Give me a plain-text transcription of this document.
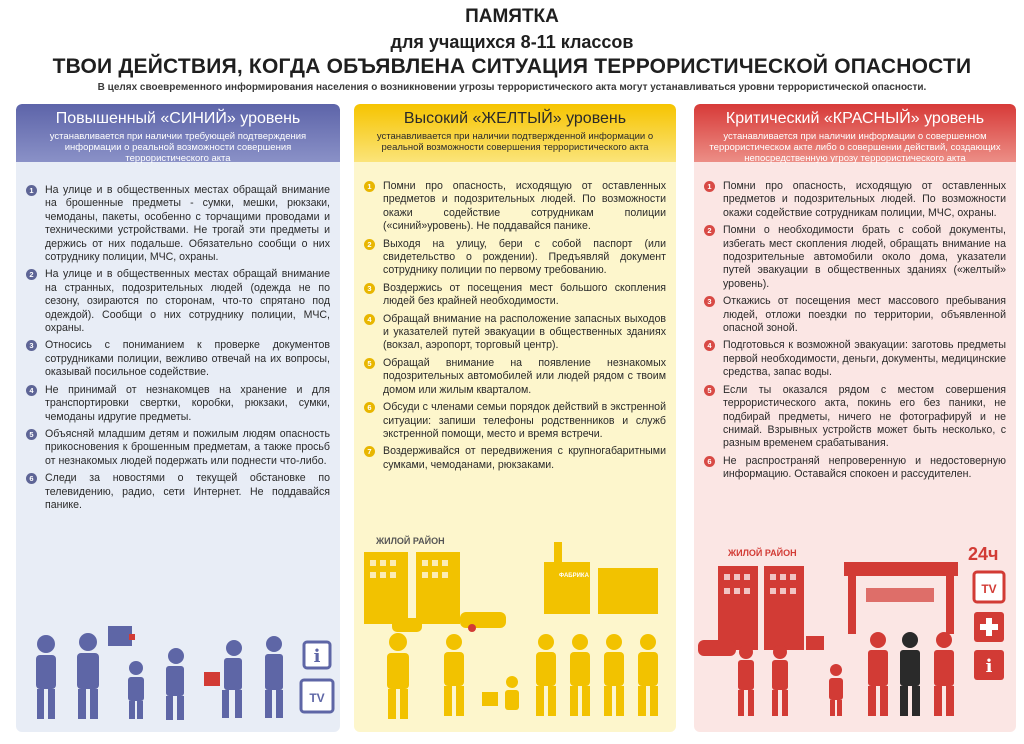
ПАМЯТКА
для учащихся 8-11 классов
ТВОИ ДЕЙСТВИЯ, КОГДА ОБЪЯВЛЕНА СИТУАЦИЯ ТЕРРОРИСТИЧЕСКОЙ ОПАСНОСТИ
В целях своевременного информирования населения о возникновении угрозы террористического акта могут устанавливаться уровни террористической опасности.
Повышенный «СИНИЙ» уровень
устанавливается при наличии требующей подтверждения информации о реальной возможности совершения террористического акта
1	На улице и в общественных местах обращай внимание на брошенные предметы - сумки, мешки, рюкзаки, чемоданы, пакеты, особенно с торчащими проводами и техническими устройствами. Не трогай эти предметы и держись от них подальше. Обязательно сообщи о них сотруднику полиции, МЧС, охраны.
2	На улице и в общественных местах обращай внимание на странных, подозрительных людей (одежда не по сезону, озираются по сторонам, что-то спрятано под одеждой). Сообщи о них сотруднику полиции, МЧС, охраны.
3	Относись с пониманием к проверке документов сотрудниками полиции, вежливо отвечай на их вопросы, оказывай посильное содействие.
4	Не принимай от незнакомцев на хранение и для транспортировки свертки, коробки, рюкзаки, сумки, чемоданы идругие предметы.
5	Объясняй младшим детям и пожилым людям опасность прикосновения к брошенным предметам, а также просьб от незнакомых людей подержать или поднести что-либо.
6	Следи за новостями о текущей обстановке по телевидению, радио, сети Интернет. Не поддавайся панике.
i
TV
Высокий «ЖЕЛТЫЙ» уровень
устанавливается при наличии подтвержденной информации о реальной возможности совершения террористического акта
1	Помни про опасность, исходящую от оставленных предметов и подозрительных людей. По возможности окажи содействие сотрудникам полиции («синий»уровень). Не поддавайся панике.
2	Выходя на улицу, бери с собой паспорт (или свидетельство о рождении). Предъявляй документ сотруднику полиции по первому требованию.
3	Воздержись от посещения мест большого скопления людей без крайней необходимости.
4	Обращай внимание на расположение запасных выходов и указателей путей эвакуации в общественных зданиях (вокзал, аэропорт, торговый центр).
5	Обращай внимание на появление незнакомых подозрительных автомобилей или людей рядом с твоим домом или жилым кварталом.
6	Обсуди с членами семьи порядок действий в экстренной ситуации: запиши телефоны родственников и служб экстренной помощи, место и время встречи.
7	Воздерживайся от передвижения с крупногабаритными сумками, чемоданами, рюкзаками.
ЖИЛОЙ РАЙОН
ФАБРИКА
Критический «КРАСНЫЙ» уровень
устанавливается при наличии информации о совершенном террористическом акте либо о совершении действий, создающих непосредственную угрозу террористического акта
1	Помни про опасность, исходящую от оставленных предметов и подозрительных людей. По возможности окажи содействие сотрудникам полиции, МЧС, охраны.
2	Помни о необходимости брать с собой документы, избегать мест скопления людей, обращать внимание на подозрительные автомобили около дома, указатели путей эвакуации в общественных зданиях («желтый» уровень).
3	Откажись от посещения мест массового пребывания людей, отложи поездки по территории, объявленной опасной зоной.
4	Подготовься к возможной эвакуации: заготовь предметы первой необходимости, деньги, документы, медицинские средства, запас воды.
5	Если ты оказался рядом с местом совершения террористического акта, покинь его без паники, не подбирай предметы, ничего не фотографируй и не снимай. Взрывных устройств может быть несколько, с разным временем срабатывания.
6	Не распространяй непроверенную и недостоверную информацию. Оставайся спокоен и рассудителен.
ЖИЛОЙ РАЙОН	24ч
TV
i
